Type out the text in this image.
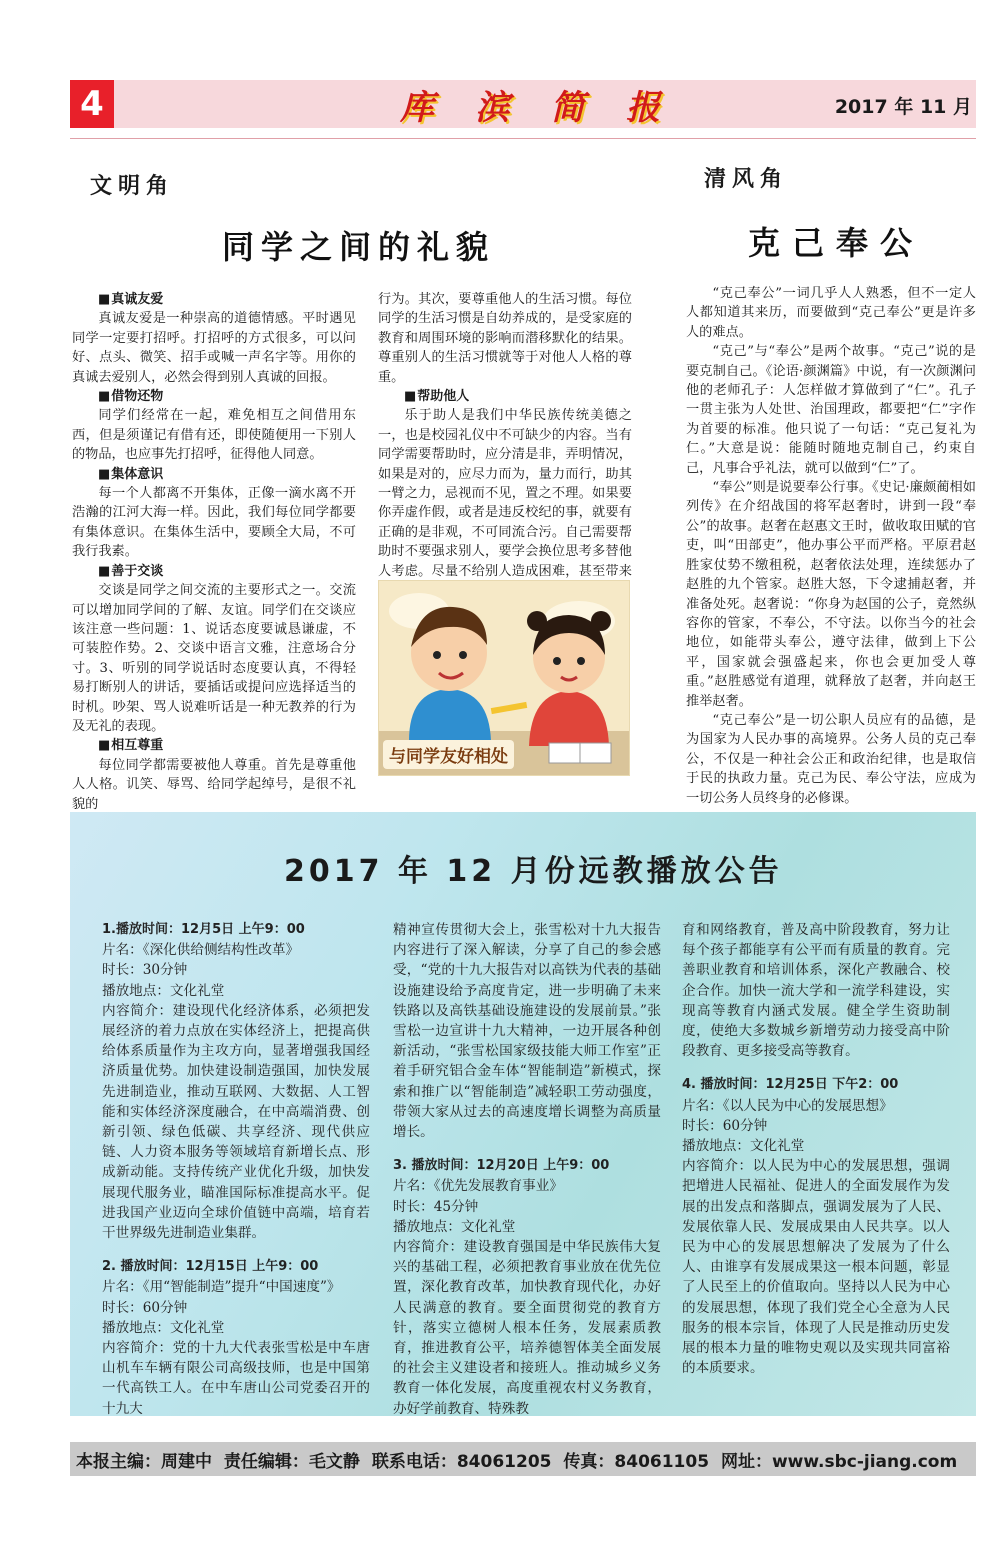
4	库 滨 简 报	2017 年 11 月
文明角	清风角
同学之间的礼貌	克己奉公
■ 真诚友爱

真诚友爱是一种崇高的道德情感。平时遇见同学一定要打招呼。打招呼的方式很多，可以问好、点头、微笑、招手或喊一声名字等。用你的真诚去爱别人，必然会得到别人真诚的回报。

■ 借物还物

同学们经常在一起，难免相互之间借用东西，但是须谨记有借有还，即使随便用一下别人的物品，也应事先打招呼，征得他人同意。

■ 集体意识

每一个人都离不开集体，正像一滴水离不开浩瀚的江河大海一样。因此，我们每位同学都要有集体意识。在集体生活中，要顾全大局，不可我行我素。

■ 善于交谈

交谈是同学之间交流的主要形式之一。交流可以增加同学间的了解、友谊。同学们在交谈应该注意一些问题：1、说话态度要诚恳谦虚，不可装腔作势。2、交谈中语言文雅，注意场合分寸。3、听别的同学说话时态度要认真，不得轻易打断别人的讲话，要插话或提问应选择适当的时机。吵架、骂人说难听话是一种无教养的行为及无礼的表现。

■ 相互尊重

每位同学都需要被他人尊重。首先是尊重他人人格。讥笑、辱骂、给同学起绰号，是很不礼貌的

行为。其次，要尊重他人的生活习惯。每位同学的生活习惯是自幼养成的，是受家庭的教育和周围环境的影响而潜移默化的结果。尊重别人的生活习惯就等于对他人人格的尊重。
■ 帮助他人

乐于助人是我们中华民族传统美德之一，也是校园礼仪中不可缺少的内容。当有同学需要帮助时，应分清是非，弄明情况，如果是对的，应尽力而为，量力而行，助其一臂之力，忌视而不见，置之不理。如果要你弄虚作假，或者是违反校纪的事，就要有正确的是非观，不可同流合污。自己需要帮助时不要强求别人，要学会换位思考多替他人考虑。尽量不给别人造成困难，甚至带来

与同学友好相处

“克己奉公”一词几乎人人熟悉，但不一定人人都知道其来历，而要做到“克己奉公”更是许多人的难点。

“克己”与“奉公”是两个故事。“克己”说的是要克制自己。《论语·颜渊篇》中说，有一次颜渊问他的老师孔子：人怎样做才算做到了“仁”。孔子一贯主张为人处世、治国理政，都要把“仁”字作为首要的标准。他只说了一句话：“克己复礼为仁。”大意是说：能随时随地克制自己，约束自己，凡事合乎礼法，就可以做到“仁”了。

“奉公”则是说要奉公行事。《史记·廉颇蔺相如列传》在介绍战国的将军赵奢时，讲到一段“奉公”的故事。赵奢在赵惠文王时，做收取田赋的官吏，叫“田部吏”，他办事公平而严格。平原君赵胜家仗势不缴租税，赵奢依法处理，连续惩办了赵胜的九个管家。赵胜大怒，下令逮捕赵奢，并准备处死。赵奢说：“你身为赵国的公子，竟然纵容你的管家，不奉公，不守法。以你当今的社会地位，如能带头奉公，遵守法律，做到上下公平，国家就会强盛起来，你也会更加受人尊重。”赵胜感觉有道理，就释放了赵奢，并向赵王推举赵奢。

“克己奉公”是一切公职人员应有的品德，是为国家为人民办事的高境界。公务人员的克己奉公，不仅是一种社会公正和政治纪律，也是取信于民的执政力量。克己为民、奉公守法，应成为一切公务人员终身的必修课。

2017 年 12 月份远教播放公告
1.播放时间：12月5日 上午9：00
片名：《深化供给侧结构性改革》
时长：30分钟
播放地点：文化礼堂
内容简介：建设现代化经济体系，必须把发展经济的着力点放在实体经济上，把提高供给体系质量作为主攻方向，显著增强我国经济质量优势。加快建设制造强国，加快发展先进制造业，推动互联网、大数据、人工智能和实体经济深度融合，在中高端消费、创新引领、绿色低碳、共享经济、现代供应链、人力资本服务等领域培育新增长点、形成新动能。支持传统产业优化升级，加快发展现代服务业，瞄准国际标准提高水平。促进我国产业迈向全球价值链中高端，培育若干世界级先进制造业集群。
2. 播放时间：12月15日 上午9：00
片名：《用“智能制造”提升“中国速度”》
时长：60分钟
播放地点：文化礼堂
内容简介：党的十九大代表张雪松是中车唐山机车车辆有限公司高级技师，也是中国第一代高铁工人。在中车唐山公司党委召开的十九大
精神宣传贯彻大会上，张雪松对十九大报告内容进行了深入解读，分享了自己的参会感受，“党的十九大报告对以高铁为代表的基础设施建设给予高度肯定，进一步明确了未来铁路以及高铁基础设施建设的发展前景。”张雪松一边宣讲十九大精神，一边开展各种创新活动，“张雪松国家级技能大师工作室”正着手研究铝合金车体“智能制造”新模式，探索和推广以“智能制造”减轻职工劳动强度，带领大家从过去的高速度增长调整为高质量增长。
3. 播放时间：12月20日 上午9：00
片名：《优先发展教育事业》
时长：45分钟
播放地点：文化礼堂
内容简介：建设教育强国是中华民族伟大复兴的基础工程，必须把教育事业放在优先位置，深化教育改革，加快教育现代化，办好人民满意的教育。要全面贯彻党的教育方针，落实立德树人根本任务，发展素质教育，推进教育公平，培养德智体美全面发展的社会主义建设者和接班人。推动城乡义务教育一体化发展，高度重视农村义务教育，办好学前教育、特殊教
育和网络教育，普及高中阶段教育，努力让每个孩子都能享有公平而有质量的教育。完善职业教育和培训体系，深化产教融合、校企合作。加快一流大学和一流学科建设，实现高等教育内涵式发展。健全学生资助制度，使绝大多数城乡新增劳动力接受高中阶段教育、更多接受高等教育。
4. 播放时间：12月25日 下午2：00
片名：《以人民为中心的发展思想》
时长：60分钟
播放地点：文化礼堂
内容简介：以人民为中心的发展思想，强调把增进人民福祉、促进人的全面发展作为发展的出发点和落脚点，强调发展为了人民、发展依靠人民、发展成果由人民共享。以人民为中心的发展思想解决了发展为了什么人、由谁享有发展成果这一根本问题，彰显了人民至上的价值取向。坚持以人民为中心的发展思想，体现了我们党全心全意为人民服务的根本宗旨，体现了人民是推动历史发展的根本力量的唯物史观以及实现共同富裕的本质要求。
本报主编：周建中 责任编辑：毛文静 联系电话：84061205 传真：84061105 网址：www.sbc-jiang.com
